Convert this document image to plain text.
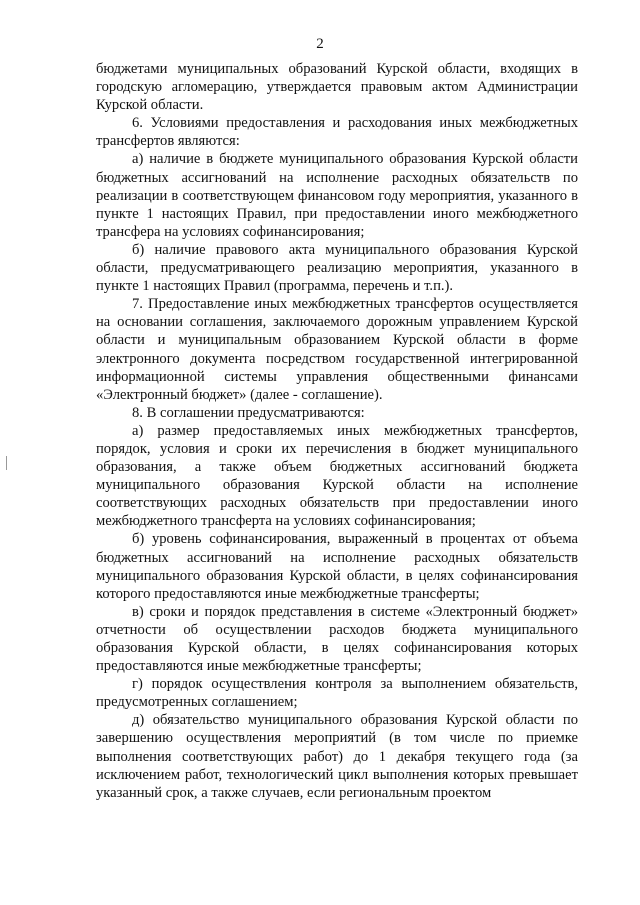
2

бюджетами муниципальных образований Курской области, входящих в городскую агломерацию, утверждается правовым актом Администрации Курской области.

6. Условиями предоставления и расходования иных межбюджетных трансфертов являются:

а) наличие в бюджете муниципального образования Курской области бюджетных ассигнований на исполнение расходных обязательств по реализации в соответствующем финансовом году мероприятия, указанного в пункте 1 настоящих Правил, при предоставлении иного межбюджетного трансфера на условиях софинансирования;

б) наличие правового акта муниципального образования Курской области, предусматривающего реализацию мероприятия, указанного в пункте 1 настоящих Правил (программа, перечень и т.п.).

7. Предоставление иных межбюджетных трансфертов осуществляется на основании соглашения, заключаемого дорожным управлением Курской области и муниципальным образованием Курской области в форме электронного документа посредством государственной интегрированной информационной системы управления общественными финансами «Электронный бюджет» (далее - соглашение).

8. В соглашении предусматриваются:

а) размер предоставляемых иных межбюджетных трансфертов, порядок, условия и сроки их перечисления в бюджет муниципального образования, а также объем бюджетных ассигнований бюджета муниципального образования Курской области на исполнение соответствующих расходных обязательств при предоставлении иного межбюджетного трансферта на условиях софинансирования;

б) уровень софинансирования, выраженный в процентах от объема бюджетных ассигнований на исполнение расходных обязательств муниципального образования Курской области, в целях софинансирования которого предоставляются иные межбюджетные трансферты;

в) сроки и порядок представления в системе «Электронный бюджет» отчетности об осуществлении расходов бюджета муниципального образования Курской области, в целях софинансирования которых предоставляются иные межбюджетные трансферты;

г) порядок осуществления контроля за выполнением обязательств, предусмотренных соглашением;

д) обязательство муниципального образования Курской области по завершению осуществления мероприятий (в том числе по приемке выполнения соответствующих работ) до 1 декабря текущего года (за исключением работ, технологический цикл выполнения которых превышает указанный срок, а также случаев, если региональным проектом
